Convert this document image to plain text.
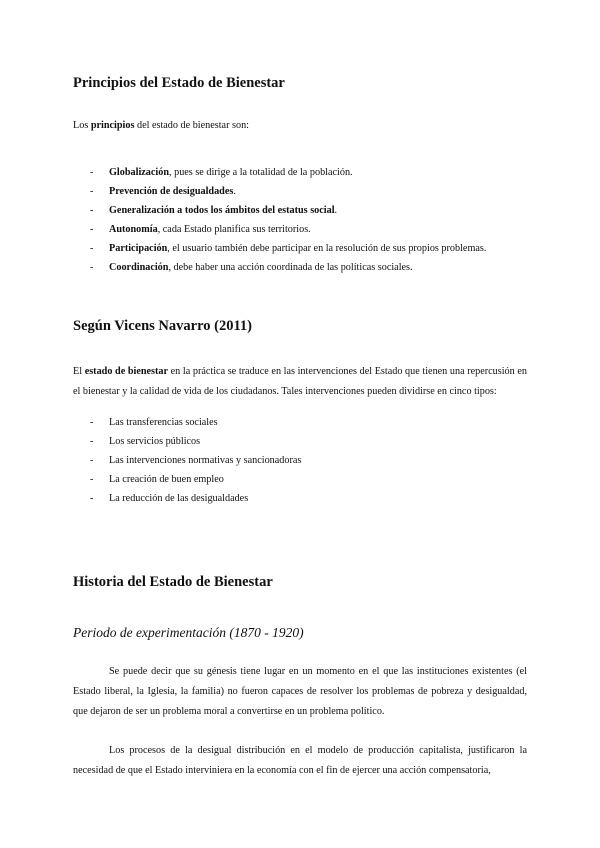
Principios del Estado de Bienestar

Los principios del estado de bienestar son:

- Globalización, pues se dirige a la totalidad de la población.
- Prevención de desigualdades.
- Generalización a todos los ámbitos del estatus social.
- Autonomía, cada Estado planifica sus territorios.
- Participación, el usuario también debe participar en la resolución de sus propios problemas.
- Coordinación, debe haber una acción coordinada de las políticas sociales.
Según Vicens Navarro (2011)

El estado de bienestar en la práctica se traduce en las intervenciones del Estado que tienen una repercusión en el bienestar y la calidad de vida de los ciudadanos. Tales intervenciones pueden dividirse en cinco tipos:

- Las transferencias sociales
- Los servicios públicos
- Las intervenciones normativas y sancionadoras
- La creación de buen empleo
- La reducción de las desigualdades
Historia del Estado de Bienestar
Periodo de experimentación (1870 - 1920)

Se puede decir que su génesis tiene lugar en un momento en el que las instituciones existentes (el Estado liberal, la Iglesia, la familia) no fueron capaces de resolver los problemas de pobreza y desigualdad, que dejaron de ser un problema moral a convertirse en un problema político.

Los procesos de la desigual distribución en el modelo de producción capitalista, justificaron la necesidad de que el Estado interviniera en la economía con el fin de ejercer una acción compensatoria,
